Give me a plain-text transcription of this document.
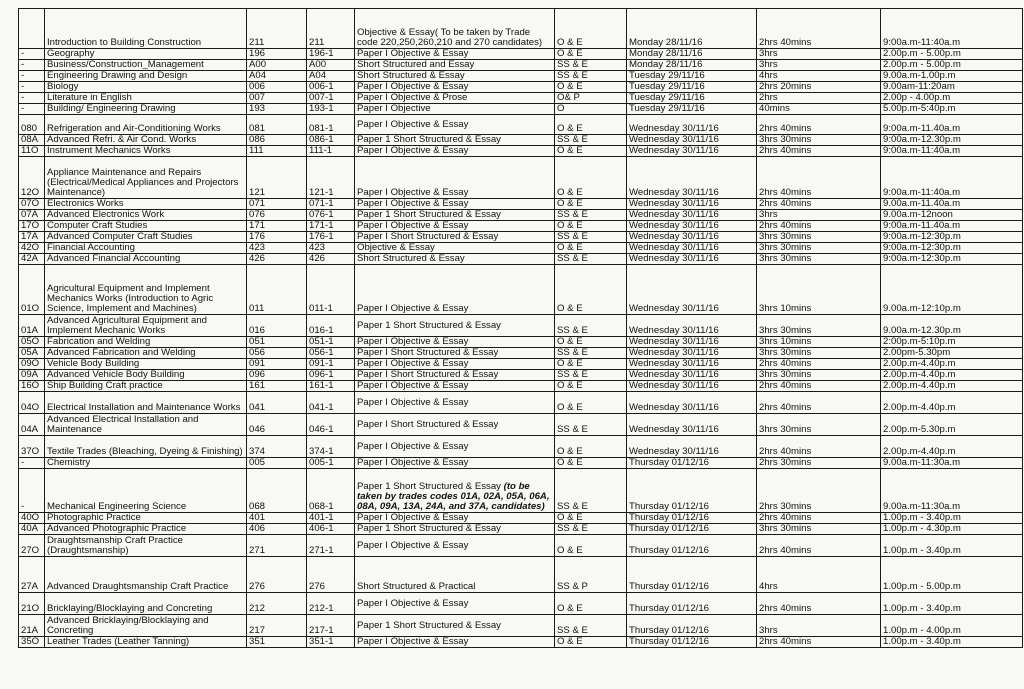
	Introduction to Building Construction	211	211	Objective & Essay( To be taken by Trade code 220,250,260,210 and 270 candidates)	O & E	Monday 28/11/16	2hrs 40mins	9:00a.m-11:40a.m
-	Geography	196	196-1	Paper I Objective & Essay	O & E	Monday 28/11/16	3hrs	2.00p.m - 5.00p.m
-	Business/Construction_Management	A00	A00	Short Structured and Essay	SS & E	Monday 28/11/16	3hrs	2.00p.m - 5.00p.m
-	Engineering Drawing and Design	A04	A04	Short Structured & Essay	SS & E	Tuesday 29/11/16	4hrs	9.00a.m-1.00p.m
-	Biology	006	006-1	Paper I Objective & Essay	O & E	Tuesday 29/11/16	2hrs 20mins	9.00am-11:20am
-	Literature in English	007	007-1	Paper I Objective & Prose	O& P	Tuesday 29/11/16	2hrs	2.00p - 4.00p.m
-	Building/ Engineering Drawing	193	193-1	Paper I Objective	O	Tuesday 29/11/16	40mins	5.00p.m-5:40p.m
080	Refrigeration and Air-Conditioning Works	081	081-1	Paper I Objective & Essay	O & E	Wednesday 30/11/16	2hrs 40mins	9:00a.m-11.40a.m
08A	Advanced Refri. & Air Cond. Works	086	086-1	Paper 1 Short Structured & Essay	SS & E	Wednesday 30/11/16	3hrs 30mins	9:00a.m-12.30p.m
11O	Instrument Mechanics Works	111	111-1	Paper I Objective & Essay	O & E	Wednesday 30/11/16	2hrs 40mins	9:00a.m-11:40a.m
12O	Appliance Maintenance and Repairs (Electrical/Medical Appliances and Projectors Maintenance)	121	121-1	Paper I Objective & Essay	O & E	Wednesday 30/11/16	2hrs 40mins	9:00a.m-11:40a.m
07O	Electronics Works	071	071-1	Paper I Objective & Essay	O & E	Wednesday 30/11/16	2hrs 40mins	9.00a.m-11.40a.m
07A	Advanced Electronics Work	076	076-1	Paper 1 Short Structured & Essay	SS & E	Wednesday 30/11/16	3hrs	9.00a.m-12noon
17O	Computer Craft Studies	171	171-1	Paper I Objective & Essay	O & E	Wednesday 30/11/16	2hrs 40mins	9:00a.m-11.40a.m
17A	Advanced Computer Craft Studies	176	176-1	Paper I Short Structured & Essay	SS & E	Wednesday 30/11/16	3hrs 30mins	9:00a.m-12:30p.m
42O	Financial Accounting	423	423	Objective & Essay	O & E	Wednesday 30/11/16	3hrs 30mins	9:00a.m-12:30p.m
42A	Advanced Financial Accounting	426	426	Short Structured & Essay	SS & E	Wednesday 30/11/16	3hrs 30mins	9:00a.m-12:30p.m
01O	Agricultural Equipment and Implement Mechanics Works (Introduction to Agric Science, Implement and Machines)	011	011-1	Paper I Objective & Essay	O & E	Wednesday 30/11/16	3hrs 10mins	9.00a.m-12:10p.m
01A	Advanced Agricultural Equipment and Implement Mechanic Works	016	016-1	Paper 1 Short Structured & Essay	SS & E	Wednesday 30/11/16	3hrs 30mins	9.00a.m-12.30p.m
05O	Fabrication and Welding	051	051-1	Paper I Objective & Essay	O & E	Wednesday 30/11/16	3hrs 10mins	2:00p.m-5:10p.m
05A	Advanced Fabrication and Welding	056	056-1	Paper I Short Structured & Essay	SS & E	Wednesday 30/11/16	3hrs 30mins	2.00pm-5.30pm
09O	Vehicle Body Building	091	091-1	Paper I Objective & Essay	O & E	Wednesday 30/11/16	2hrs 40mins	2.00p.m-4.40p.m
09A	Advanced Vehicle Body Building	096	096-1	Paper I Short Structured & Essay	SS & E	Wednesday 30/11/16	3hrs 30mins	2.00p.m-4.40p.m
16O	Ship Building Craft practice	161	161-1	Paper I Objective & Essay	O & E	Wednesday 30/11/16	2hrs 40mins	2.00p.m-4.40p.m
04O	Electrical Installation and Maintenance Works	041	041-1	Paper I Objective & Essay	O & E	Wednesday 30/11/16	2hrs 40mins	2.00p.m-4.40p.m
04A	Advanced Electrical Installation and Maintenance	046	046-1	Paper I Short Structured & Essay	SS & E	Wednesday 30/11/16	3hrs 30mins	2.00p.m-5.30p.m
37O	Textile Trades (Bleaching, Dyeing & Finishing)	374	374-1	Paper I Objective & Essay	O & E	Wednesday 30/11/16	2hrs 40mins	2.00p.m-4.40p.m
-	Chemistry	005	005-1	Paper I Objective & Essay	O & E	Thursday 01/12/16	2hrs 30mins	9.00a.m-11:30a.m
-	Mechanical Engineering Science	068	068-1	Paper 1 Short Structured & Essay (to be taken by trades codes 01A, 02A, 05A, 06A, 08A, 09A, 13A, 24A, and 37A, candidates)	SS & E	Thursday 01/12/16	2hrs 30mins	9.00a.m-11:30a.m
40O	Photographic Practice	401	401-1	Paper I Objective & Essay	O & E	Thursday 01/12/16	2hrs 40mins	1.00p.m - 3.40p.m
40A	Advanced Photographic Practice	406	406-1	Paper 1 Short Structured & Essay	SS & E	Thursday 01/12/16	3hrs 30mins	1.00p.m - 4.30p.m
27O	Draughtsmanship Craft Practice (Draughtsmanship)	271	271-1	Paper I Objective & Essay	O & E	Thursday 01/12/16	2hrs 40mins	1.00p.m - 3.40p.m
27A	Advanced Draughtsmanship Craft Practice	276	276	Short Structured & Practical	SS & P	Thursday 01/12/16	4hrs	1.00p.m - 5.00p.m
21O	Bricklaying/Blocklaying and Concreting	212	212-1	Paper I Objective & Essay	O & E	Thursday 01/12/16	2hrs 40mins	1.00p.m - 3.40p.m
21A	Advanced Bricklaying/Blocklaying and Concreting	217	217-1	Paper 1 Short Structured & Essay	SS & E	Thursday 01/12/16	3hrs	1.00p.m - 4.00p.m
35O	Leather Trades (Leather Tanning)	351	351-1	Paper I Objective & Essay	O & E	Thursday 01/12/16	2hrs 40mins	1.00p.m - 3.40p.m
